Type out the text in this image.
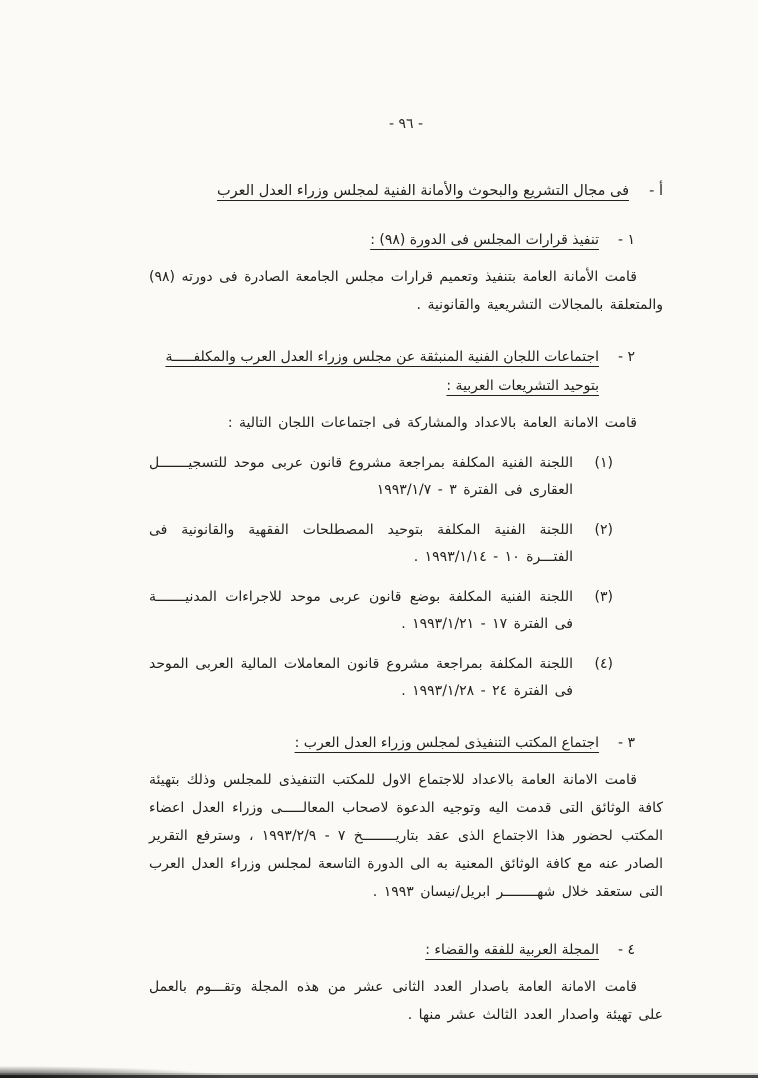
- ٩٦ -
أ -
فى مجال التشريع والبحوث والأمانة الفنية لمجلس وزراء العدل العرب
١ -
تنفيذ قرارات المجلس فى الدورة (٩٨) :

قامت الأمانة العامة بتنفيذ وتعميم قرارات مجلس الجامعة الصادرة فى دورته (٩٨) والمتعلقة بالمجالات التشريعية والقانونية .

٢ -
اجتماعات اللجان الفنية المنبثقة عن مجلس وزراء العدل العرب والمكلفـــــة بتوحيد التشريعات العربية :

قامت الامانة العامة بالاعداد والمشاركة فى اجتماعات اللجان التالية :

(١)
اللجنة الفنية المكلفة بمراجعة مشروع قانون عربى موحد للتسجيـــــــل العقارى فى الفترة ٣ - ١٩٩٣/١/٧
(٢)
اللجنة الفنية المكلفة بتوحيد المصطلحات الفقهية والقانونية فى الفتـــرة ١٠ - ١٩٩٣/١/١٤ .
(٣)
اللجنة الفنية المكلفة بوضع قانون عربى موحد للاجراءات المدنيـــــــة فى الفترة ١٧ - ١٩٩٣/١/٢١ .
(٤)
اللجنة المكلفة بمراجعة مشروع قانون المعاملات المالية العربى الموحد فى الفترة ٢٤ - ١٩٩٣/١/٢٨ .
٣ -
اجتماع المكتب التنفيذى لمجلس وزراء العدل العرب :

قامت الامانة العامة بالاعداد للاجتماع الاول للمكتب التنفيذى للمجلس وذلك بتهيئة كافة الوثائق التى قدمت اليه وتوجيه الدعوة لاصحاب المعالـــــى وزراء العدل اعضاء المكتب لحضور هذا الاجتماع الذى عقد بتاريــــــــخ ٧ - ١٩٩٣/٢/٩ ، وسترفع التقرير الصادر عنه مع كافة الوثائق المعنية به الى الدورة التاسعة لمجلس وزراء العدل العرب التى ستعقد خلال شهــــــــر ابريل/نيسان ١٩٩٣ .

٤ -
المجلة العربية للفقه والقضاء :

قامت الامانة العامة باصدار العدد الثانى عشر من هذه المجلة وتقـــوم بالعمل على تهيئة واصدار العدد الثالث عشر منها .
